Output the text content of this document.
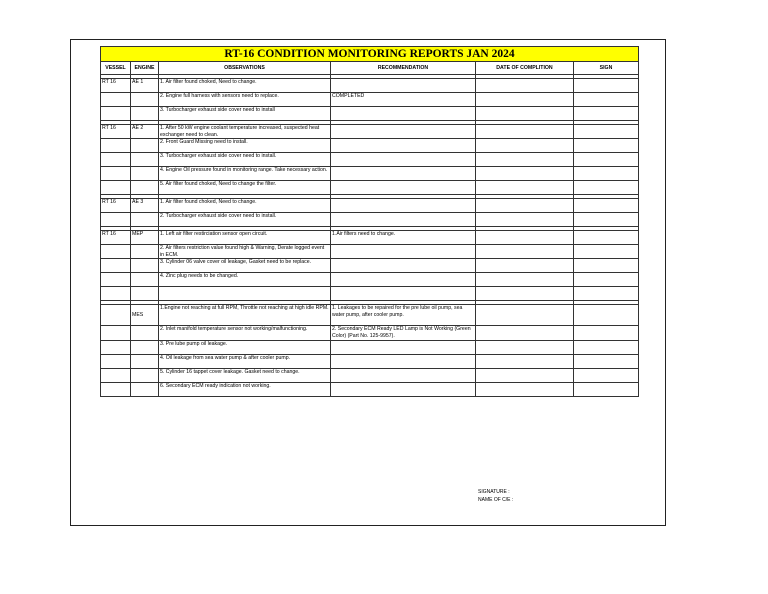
RT-16 CONDITION MONITORING REPORTS JAN 2024					
VESSEL	ENGINE	OBSERVATIONS	RECOMMENDATION	DATE OF COMPLITION	SIGN

RT 16	AE 1	1. Air filter found choked, Need to change.			
		2. Engine full harness with sensors need to replace.	COMPLETED		
		3. Turbocharger exhaust side cover need to install			

RT 16	AE 2	1. After 50 kW engine coolant temperature increased, suspected heat exchanger need to clean.			
		2. Front Guard Missing need to install.			
		3. Turbocharger exhaust side cover need to install.			
		4. Engine Oil pressure found in monitoring range. Take necessary action.			
		5. Air filter found choked, Need to change the filter.			

RT 16	AE 3	1. Air filter found choked, Need to change.			
		2. Turbocharger exhaust side cover need to install.			

RT 16	MEP	1. Left air filter restirciation sensor open circuit.	1.Air filters need to change.		
		2. Air filters restriction value found high & Warning, Derate logged event in ECM.			
		3. Cylinder 06 valve cover oil leakage, Gasket need to be replace.			
		4. Zinc plug needs to be changed.			

	MES	1.Engine not reaching at full RPM, Throttle not reaching at high idle RPM.	1. Leakages to be repaired for the pre lube oil pump, sea water pump, after cooler pump.		
		2. Inlet manifold temperature sensor not working/malfunctioning.	2. Secondary ECM Ready LED Lamp is Not Working (Green Color) (Part No. 125-9957).		
		3. Pre lube pump oil leakage.			
		4. Oil leakage from sea water pump & after cooler pump.			
		5. Cylinder 16 tappet cover leakage. Gasket need to change.			
		6. Secondary ECM ready indication not working.			
SIGNATURE :
NAME OF C/E :
